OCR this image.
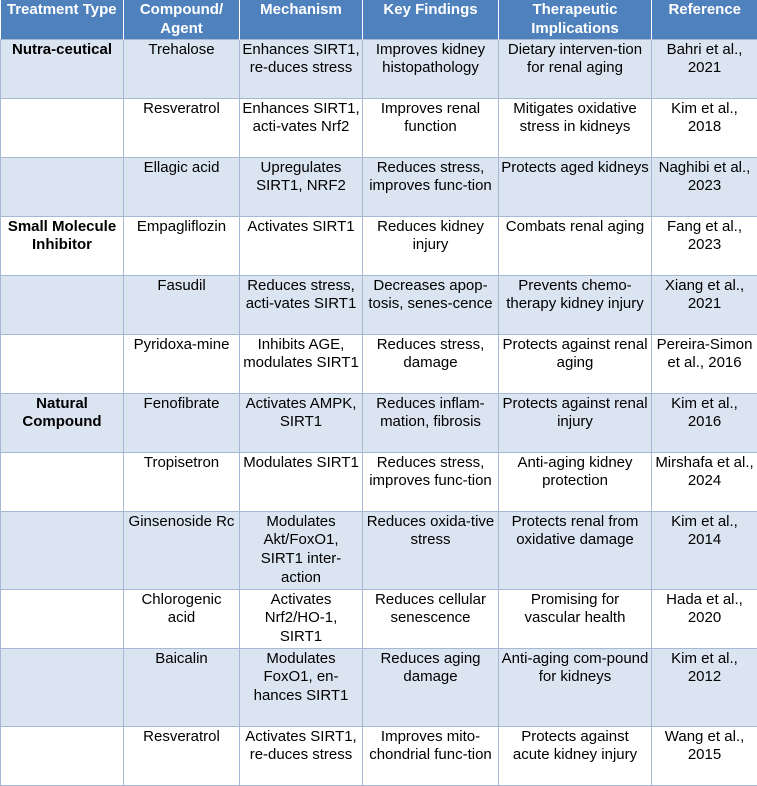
Treatment Type	Compound/ Agent	Mechanism	Key Findings	Therapeutic Implications	Reference
Nutra-ceutical	Trehalose	Enhances SIRT1, re-duces stress	Improves kidney histopathology	Dietary interven-tion for renal aging	Bahri et al., 2021
	Resveratrol	Enhances SIRT1, acti-vates Nrf2	Improves renal function	Mitigates oxidative stress in kidneys	Kim et al., 2018
	Ellagic acid	Upregulates SIRT1, NRF2	Reduces stress, improves func-tion	Protects aged kidneys	Naghibi et al., 2023
Small Molecule Inhibitor	Empagliflozin	Activates SIRT1	Reduces kidney injury	Combats renal aging	Fang et al., 2023
	Fasudil	Reduces stress, acti-vates SIRT1	Decreases apop-tosis, senes-cence	Prevents chemo-therapy kidney injury	Xiang et al., 2021
	Pyridoxa-mine	Inhibits AGE, modulates SIRT1	Reduces stress, damage	Protects against renal aging	Pereira-Simon et al., 2016
Natural Compound	Fenofibrate	Activates AMPK, SIRT1	Reduces inflam-mation, fibrosis	Protects against renal injury	Kim et al., 2016
	Tropisetron	Modulates SIRT1	Reduces stress, improves func-tion	Anti-aging kidney protection	Mirshafa et al., 2024
	Ginsenoside Rc	Modulates Akt/FoxO1, SIRT1 inter-action	Reduces oxida-tive stress	Protects renal from oxidative damage	Kim et al., 2014
	Chlorogenic acid	Activates Nrf2/HO-1, SIRT1	Reduces cellular senescence	Promising for vascular health	Hada et al., 2020
	Baicalin	Modulates FoxO1, en-hances SIRT1	Reduces aging damage	Anti-aging com-pound for kidneys	Kim et al., 2012
	Resveratrol	Activates SIRT1, re-duces stress	Improves mito-chondrial func-tion	Protects against acute kidney injury	Wang et al., 2015
